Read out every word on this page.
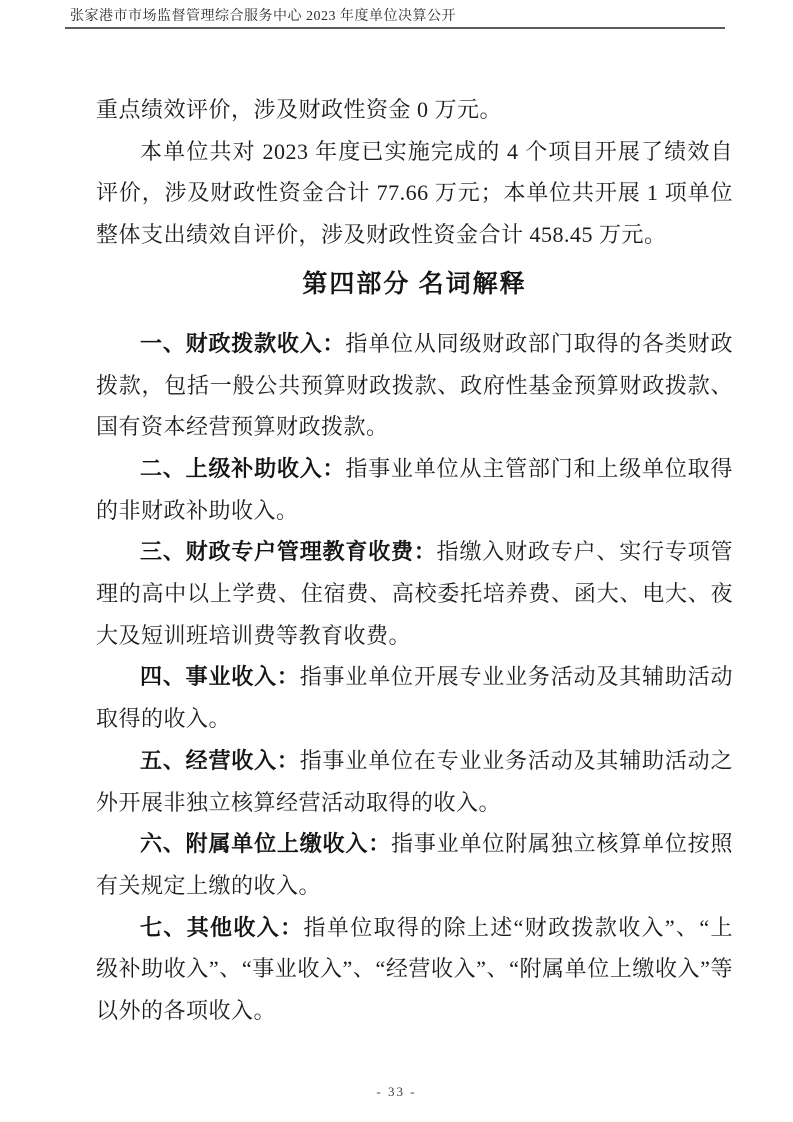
张家港市市场监督管理综合服务中心 2023 年度单位决算公开

重点绩效评价，涉及财政性资金 0 万元。

本单位共对 2023 年度已实施完成的 4 个项目开展了绩效自评价，涉及财政性资金合计 77.66 万元；本单位共开展 1 项单位整体支出绩效自评价，涉及财政性资金合计 458.45 万元。

第四部分 名词解释

一、财政拨款收入：指单位从同级财政部门取得的各类财政拨款，包括一般公共预算财政拨款、政府性基金预算财政拨款、国有资本经营预算财政拨款。

二、上级补助收入：指事业单位从主管部门和上级单位取得的非财政补助收入。

三、财政专户管理教育收费：指缴入财政专户、实行专项管理的高中以上学费、住宿费、高校委托培养费、函大、电大、夜大及短训班培训费等教育收费。

四、事业收入：指事业单位开展专业业务活动及其辅助活动取得的收入。

五、经营收入：指事业单位在专业业务活动及其辅助活动之外开展非独立核算经营活动取得的收入。

六、附属单位上缴收入：指事业单位附属独立核算单位按照有关规定上缴的收入。

七、其他收入：指单位取得的除上述“财政拨款收入”、“上级补助收入”、“事业收入”、“经营收入”、“附属单位上缴收入”等以外的各项收入。

- 33 -
